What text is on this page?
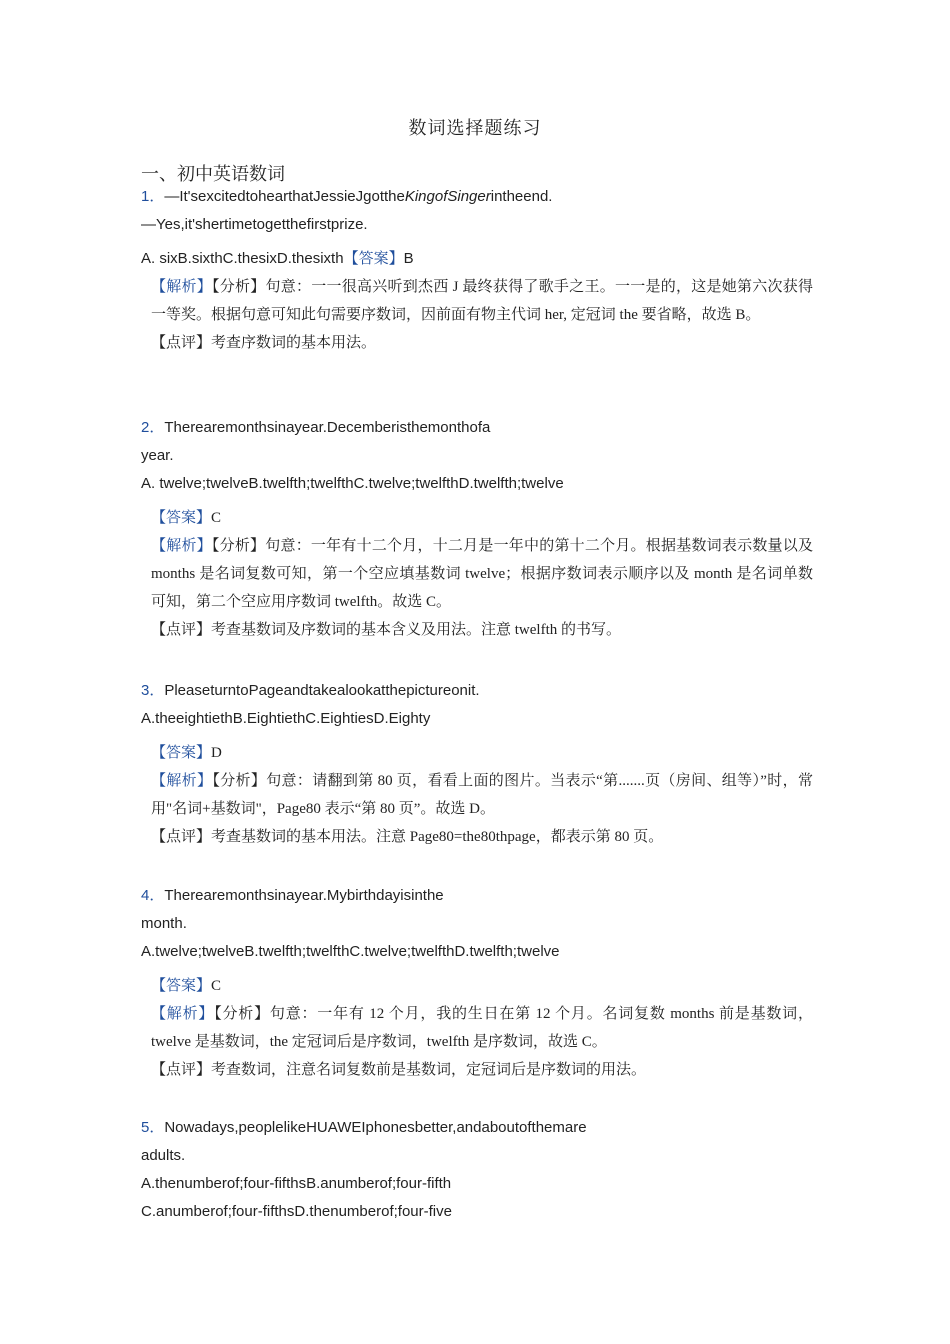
数词选择题练习
一、初中英语数词
1．—It'sexcitedtohearthatJessieJgottheKingofSingerintheend.
—Yes,it'shertimetogetthefirstprize.
A. sixB.sixthC.thesixD.thesixth【答案】B
【解析】【分析】句意：一一很高兴听到杰西 J 最终获得了歌手之王。一一是的，这是她第六次获得一等奖。根据句意可知此句需要序数词，因前面有物主代词 her, 定冠词 the 要省略，故选 B。
【点评】考查序数词的基本用法。
2．Therearemonthsinayear.Decemberisthemonthofa
year.
A. twelve;twelveB.twelfth;twelfthC.twelve;twelfthD.twelfth;twelve
【答案】C
【解析】【分析】句意：一年有十二个月，十二月是一年中的第十二个月。根据基数词表示数量以及 months 是名词复数可知，第一个空应填基数词 twelve；根据序数词表示顺序以及 month 是名词单数可知，第二个空应用序数词 twelfth。故选 C。
【点评】考查基数词及序数词的基本含义及用法。注意 twelfth 的书写。
3．PleaseturntoPageandtakealookatthepictureonit.
A.theeightiethB.EightiethC.EightiesD.Eighty
【答案】D
【解析】【分析】句意：请翻到第 80 页，看看上面的图片。当表示“第.......页（房间、组等）”时，常用"名词+基数词"，Page80 表示“第 80 页”。故选 D。
【点评】考查基数词的基本用法。注意 Page80=the80thpage，都表示第 80 页。
4．Therearemonthsinayear.Mybirthdayisinthe
month.
A.twelve;twelveB.twelfth;twelfthC.twelve;twelfthD.twelfth;twelve
【答案】C
【解析】【分析】句意：一年有 12 个月，我的生日在第 12 个月。名词复数 months 前是基数词，twelve 是基数词，the 定冠词后是序数词，twelfth 是序数词，故选 C。
【点评】考查数词，注意名词复数前是基数词，定冠词后是序数词的用法。
5．Nowadays,peoplelikeHUAWEIphonesbetter,andaboutofthemare
adults.
A.thenumberof;four-fifthsB.anumberof;four-fifth
C.anumberof;four-fifthsD.thenumberof;four-five
